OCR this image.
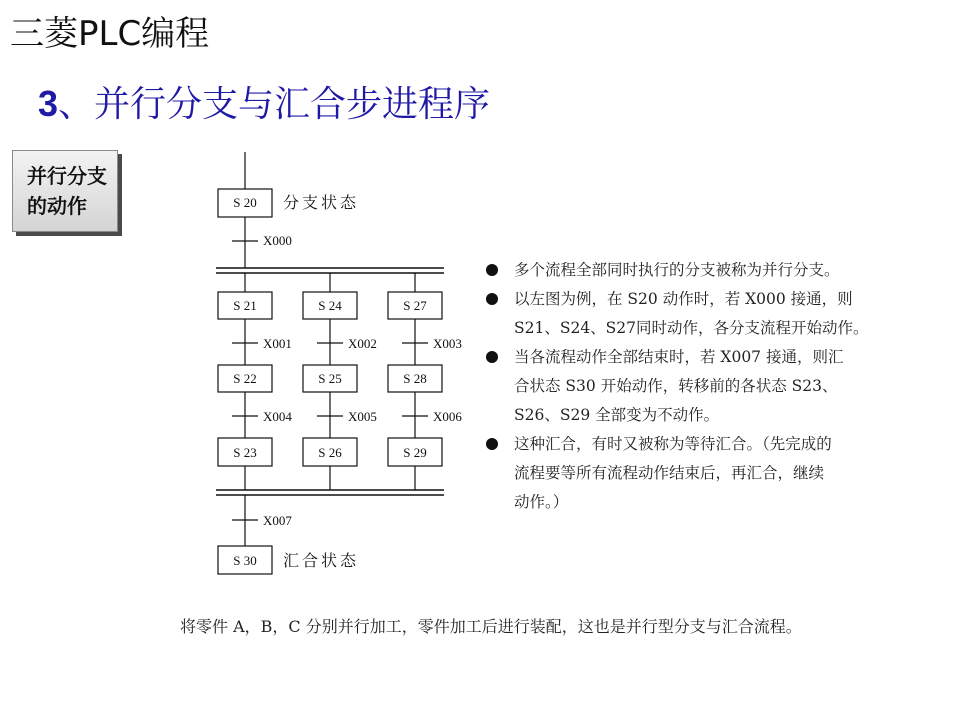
三菱PLC编程
3、并行分支与汇合步进程序
并行分支
的动作	S 20 分支状态
X000
S 21	S 24	S 27
X001	X002	X003
S 22	S 25	S 28
X004	X005	X006
S 23	S 26	S 29
X007
S 30 汇合状态
多个流程全部同时执行的分支被称为并行分支。
以左图为例，在 S20 动作时，若 X000 接通，则
S21、S24、S27同时动作，各分支流程开始动作。
当各流程动作全部结束时，若 X007 接通，则汇
合状态 S30 开始动作，转移前的各状态 S23、
S26、S29 全部变为不动作。
这种汇合，有时又被称为等待汇合。（先完成的
流程要等所有流程动作结束后，再汇合，继续
动作。）
将零件 A，B，C 分别并行加工，零件加工后进行装配，这也是并行型分支与汇合流程。
